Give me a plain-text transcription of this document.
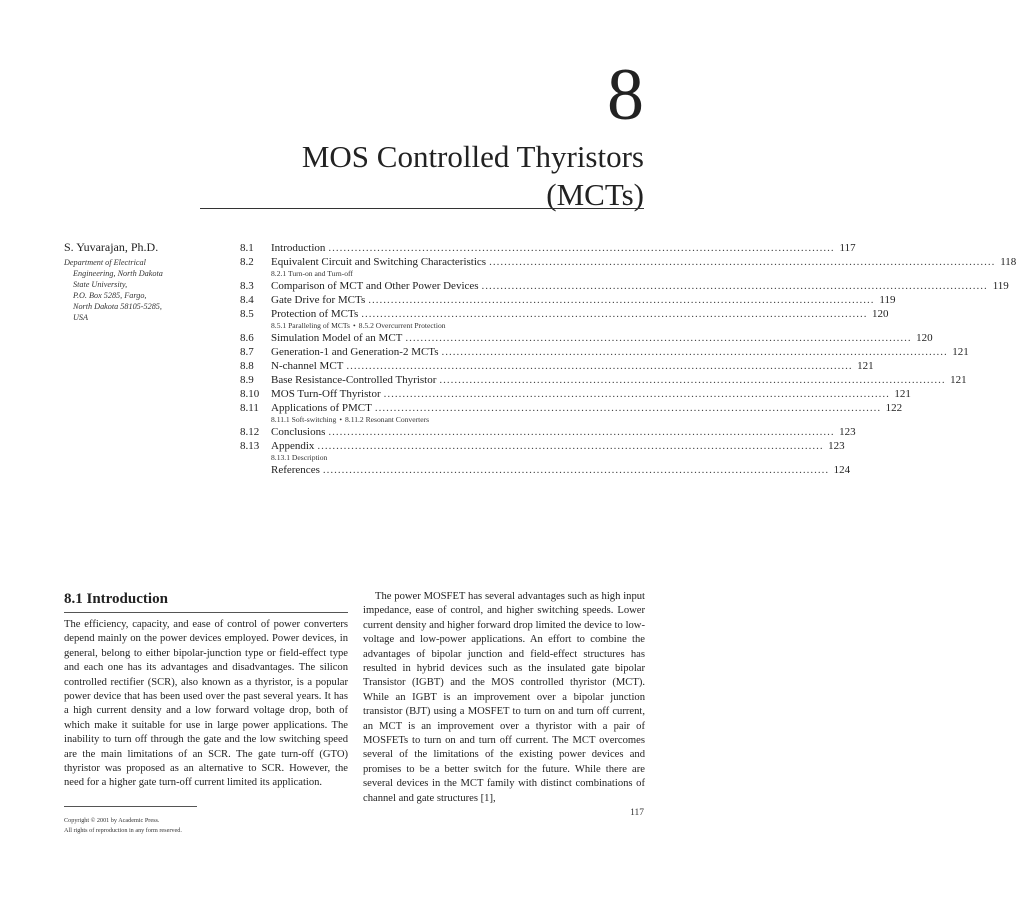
8
MOS Controlled Thyristors
(MCTs)
S. Yuvarajan, Ph.D.
Department of Electrical
Engineering, North Dakota
State University,
P.O. Box 5285, Fargo,
North Dakota 58105-5285,
USA
8.1	Introduction ....................................................................................................................................... 117
8.2	Equivalent Circuit and Switching Characteristics ....................................................................................................................................... 118
8.2.1 Turn-on and Turn-off
8.3	Comparison of MCT and Other Power Devices ....................................................................................................................................... 119
8.4	Gate Drive for MCTs ....................................................................................................................................... 119
8.5	Protection of MCTs ....................................................................................................................................... 120
8.5.1 Paralleling of MCTs • 8.5.2 Overcurrent Protection
8.6	Simulation Model of an MCT ....................................................................................................................................... 120
8.7	Generation-1 and Generation-2 MCTs ....................................................................................................................................... 121
8.8	N-channel MCT ....................................................................................................................................... 121
8.9	Base Resistance-Controlled Thyristor ....................................................................................................................................... 121
8.10	MOS Turn-Off Thyristor ....................................................................................................................................... 121
8.11	Applications of PMCT ....................................................................................................................................... 122
8.11.1 Soft-switching • 8.11.2 Resonant Converters
8.12	Conclusions ....................................................................................................................................... 123
8.13	Appendix ....................................................................................................................................... 123
8.13.1 Description
References ....................................................................................................................................... 124
8.1 Introduction
The efficiency, capacity, and ease of control of power converters depend mainly on the power devices employed. Power devices, in general, belong to either bipolar-junction type or field-effect type and each one has its advantages and disadvantages. The silicon controlled rectifier (SCR), also known as a thyristor, is a popular power device that has been used over the past several years. It has a high current density and a low forward voltage drop, both of which make it suitable for use in large power applications. The inability to turn off through the gate and the low switching speed are the main limitations of an SCR. The gate turn-off (GTO) thyristor was proposed as an alternative to SCR. However, the need for a higher gate turn-off current limited its application.
The power MOSFET has several advantages such as high input impedance, ease of control, and higher switching speeds. Lower current density and higher forward drop limited the device to low-voltage and low-power applications. An effort to combine the advantages of bipolar junction and field-effect structures has resulted in hybrid devices such as the insulated gate bipolar Transistor (IGBT) and the MOS controlled thyristor (MCT). While an IGBT is an improvement over a bipolar junction transistor (BJT) using a MOSFET to turn on and turn off current, an MCT is an improvement over a thyristor with a pair of MOSFETs to turn on and turn off current. The MCT overcomes several of the limitations of the existing power devices and promises to be a better switch for the future. While there are several devices in the MCT family with distinct combinations of channel and gate structures [1],
Copyright © 2001 by Academic Press.
All rights of reproduction in any form reserved.
117
